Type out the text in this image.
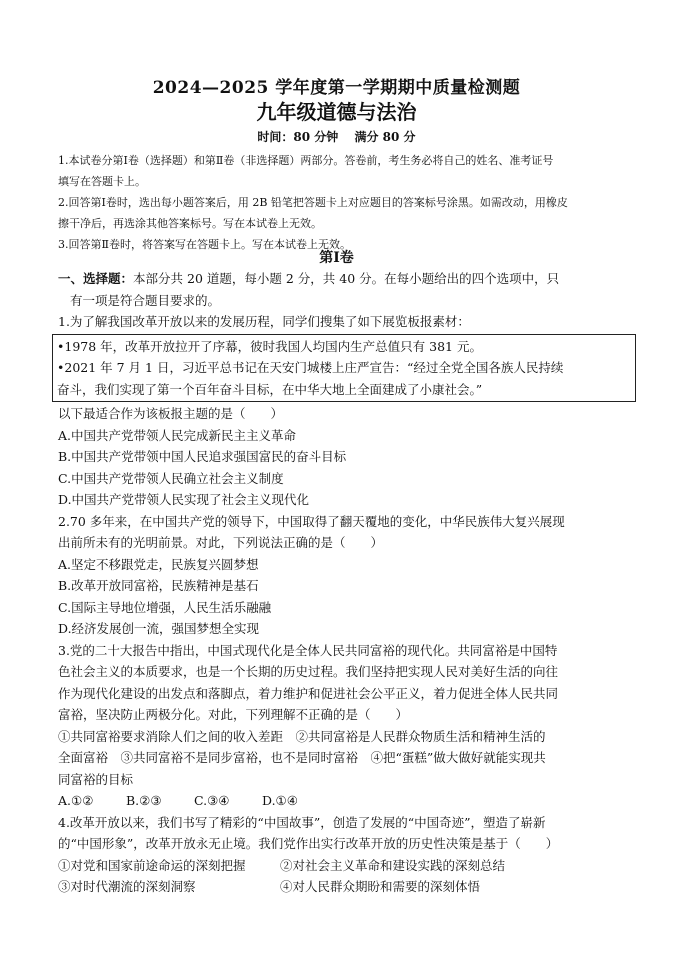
2024—2025 学年度第一学期期中质量检测题
九年级道德与法治
时间：80 分钟 满分 80 分

1.本试卷分第Ⅰ卷（选择题）和第Ⅱ卷（非选择题）两部分。答卷前，考生务必将自己的姓名、准考证号

填写在答题卡上。

2.回答第Ⅰ卷时，选出每小题答案后，用 2B 铅笔把答题卡上对应题目的答案标号涂黑。如需改动，用橡皮

擦干净后，再选涂其他答案标号。写在本试卷上无效。

3.回答第Ⅱ卷时，将答案写在答题卡上。写在本试卷上无效。

第Ⅰ卷

一、选择题：本部分共 20 道题，每小题 2 分，共 40 分。在每小题给出的四个选项中，只

有一项是符合题目要求的。

1.为了解我国改革开放以来的发展历程，同学们搜集了如下展览板报素材：

•1978 年，改革开放拉开了序幕，彼时我国人均国内生产总值只有 381 元。

•2021 年 7 月 1 日，习近平总书记在天安门城楼上庄严宣告：“经过全党全国各族人民持续

奋斗，我们实现了第一个百年奋斗目标，在中华大地上全面建成了小康社会。”

以下最适合作为该板报主题的是（　　）

A.中国共产党带领人民完成新民主主义革命

B.中国共产党带领中国人民追求强国富民的奋斗目标

C.中国共产党带领人民确立社会主义制度

D.中国共产党带领人民实现了社会主义现代化

2.70 多年来，在中国共产党的领导下，中国取得了翻天覆地的变化，中华民族伟大复兴展现

出前所未有的光明前景。对此，下列说法正确的是（　　）

A.坚定不移跟党走，民族复兴圆梦想

B.改革开放同富裕，民族精神是基石

C.国际主导地位增强，人民生活乐融融

D.经济发展创一流，强国梦想全实现

3.党的二十大报告中指出，中国式现代化是全体人民共同富裕的现代化。共同富裕是中国特

色社会主义的本质要求，也是一个长期的历史过程。我们坚持把实现人民对美好生活的向往

作为现代化建设的出发点和落脚点，着力维护和促进社会公平正义，着力促进全体人民共同

富裕，坚决防止两极分化。对此，下列理解不正确的是（　　）

①共同富裕要求消除人们之间的收入差距　②共同富裕是人民群众物质生活和精神生活的

全面富裕　③共同富裕不是同步富裕，也不是同时富裕　④把“蛋糕”做大做好就能实现共

同富裕的目标

A.①②	B.②③	C.③④	D.①④

4.改革开放以来，我们书写了精彩的“中国故事”，创造了发展的“中国奇迹”，塑造了崭新

的“中国形象”，改革开放永无止境。我们党作出实行改革开放的历史性决策是基于（　　）

①对党和国家前途命运的深刻把握	②对社会主义革命和建设实践的深刻总结

③对时代潮流的深刻洞察	④对人民群众期盼和需要的深刻体悟
